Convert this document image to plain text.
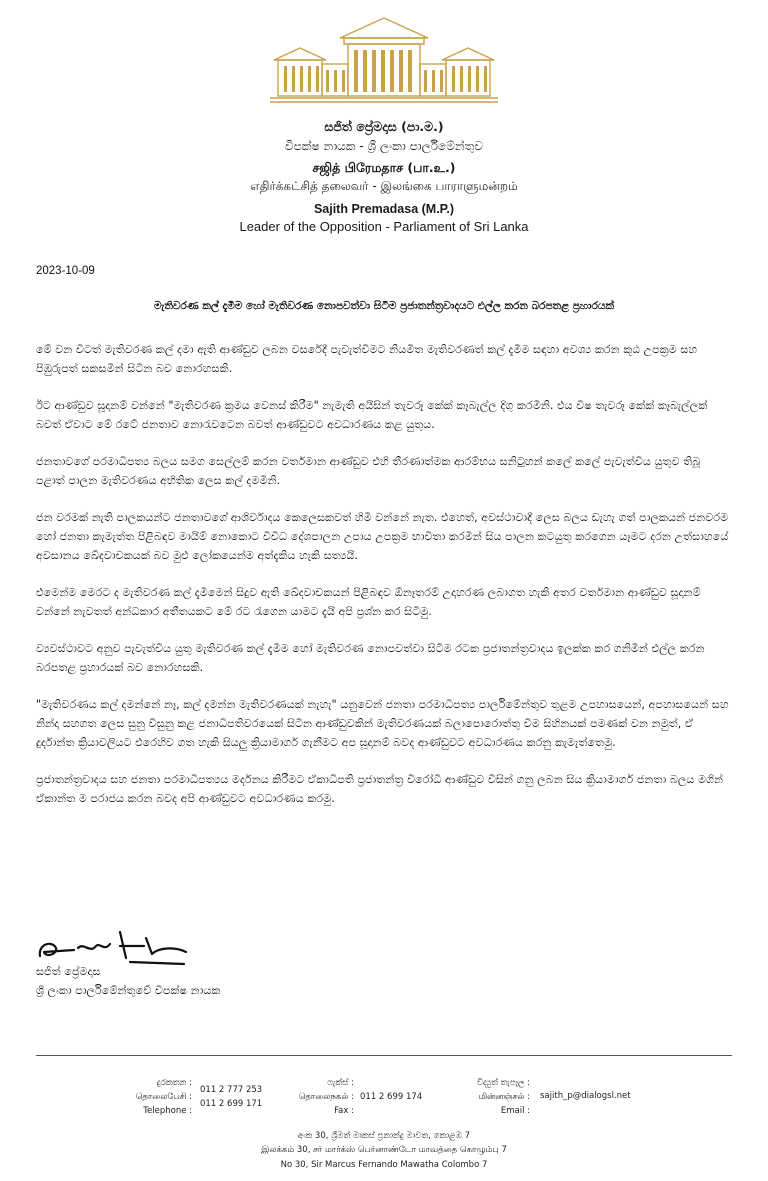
සජිත් ප්‍රේමදාස (පා.ම.)
විපක්ෂ නායක - ශ්‍රී ලංකා පාර්ලිමේන්තුව
சஜித் பிரேமதாச (பா.உ.)
எதிர்க்கட்சித் தலைவர் - இலங்கை பாராளுமன்றம்
Sajith Premadasa (M.P.)
Leader of the Opposition - Parliament of Sri Lanka
2023-10-09
මැතිවරණ කල් දැමීම හෝ මැතිවරණ නොපවත්වා සිටීම ප්‍රජාතන්ත්‍රවාදයට එල්ල කරන බරපතළ ප්‍රහාරයක්

මේ වන විටත් මැතිවරණ කල් දමා ඇති ආණ්ඩුව ලබන වසරේදී පැවැත්වීමට නියමිත මැතිවරණත් කල් දැමීම සඳහා අවශ්‍ය කරන කූඨ උපක්‍රම සහ පිඹුරුපත් සකසමින් සිටින බව නොරහසකි.

ඊට ආණ්ඩුව සූදානම් වන්නේ "මැතිවරණ ක්‍රමය වෙනස් කිරීම" නැමැති අයිසින් තැවරූ කේක් කෑබැල්ල දිගු කරමිනි. එය විෂ තැවරූ කේක් කෑබැල්ලක් බවත් ඒවාට මේ රටේ ජනතාව නොරැවටෙන බවත් ආණ්ඩුවට අවධාරණය කළ යුතුය.

ජනතාවගේ පරමාධිපත්‍ය බලය සමග සෙල්ලම් කරන වර්තමාන ආණ්ඩුව එහි තීරණාත්මක ආරම්භය සනිටුහන් කලේ කලේ පැවැත්විය යුතුව තිබූ පළාත් පාලන මැතිවරණය අභිතික ලෙස කල් දමමිනි.

ජන වරමක් නැති පාලකයන්ට ජනතාවගේ ආශිර්වාදය කෙලෙසකවත් හිමි වන්නේ නැත. එහෙත්, අවස්ථාවාදී ලෙස බලය ඩැහැ ගත් පාලකයන් ජනවරම හෝ ජනතා කැමැත්ත පිළිබඳව මායිම් නොකොට විවිධ දේශපාලන උපාය උපක්‍රම භාවිතා කරමින් සිය පාලන කටයුතු කරගෙන යෑමට දරන උත්සාහයේ අවසානය ඛේදවාචකයක් බව මුළු ලෝකයෙන්ම අත්දැකිය හැකි සත්‍යයි.

එමෙන්ම මෙරට ද මැතිවරණ කල් දැමීමෙන් සිදුව ඇති ඛේදවාචකයන් පිළිබඳව ඕනෑතරම් උදාහරණ ලබාගත හැකි අතර වර්තමාන ආණ්ඩුව සූදානම් වන්නේ නැවතත් අන්ධකාර අතීතයකට මේ රට රැගෙන යාමට දැයි අපි ප්‍රශ්න කර සිටිමු.

ව්‍යවස්ථාවට අනුව පැවැත්විය යුතු මැතිවරණ කල් දැමීම හෝ මැතිවරණ නොපවත්වා සිටීම රටක ප්‍රජාතන්ත්‍රවාදය ඉලක්ක කර ගනිමින් එල්ල කරන බරපතළ ප්‍රහාරයක් බව නොරහසකි.

"මැතිවරණය කල් දමන්නේ නෑ, කල් දමන්න මැතිවරණයක් නැහැ" යනුවෙන් ජනතා පරමාධිපත්‍ය පාර්ලිමේන්තුව තුළම උපහාසයෙන්, අපහාසයෙන් සහ නින්දා සහගත ලෙස සුනු විසුනු කළ ජනාධිපතිවරයෙක් සිටින ආණ්ඩුවකින් මැතිවරණයක් බලාපොරොත්තු වීම සිහිනයක් පමණක් වන නමුත්, ඒ දුර්දාන්ත ක්‍රියාවලියට එරෙහිව ගත හැකි සියලු ක්‍රියාමාර්ග ගැනීමට අප සූදානම් බවද ආණ්ඩුවට අවධාරණය කරනු කැමැත්තෙමු.

ප්‍රජාතන්ත්‍රවාදය සහ ජනතා පරමාධිපත්‍යය මර්දනය කිරීමට ඒකාධිපති ප්‍රජාතන්ත්‍ර විරෝධී ආණ්ඩුව විසින් ගනු ලබන සිය ක්‍රියාමාර්ග ජනතා බලය මගින් ඒකාන්ත ම පරාජය කරන බවද අපි ආණ්ඩුවට අවධාරණය කරමු.

සජිත් ප්‍රේමදාස
ශ්‍රී ලංකා පාර්ලිමේන්තුවේ විපක්ෂ නායක
දුරකතන :
தொலைபேசி :
Telephone :
011 2 777 253
011 2 699 171
ෆැක්ස් :
தொலைநகல் :
Fax :
011 2 699 174
විද්‍යුත් තැපෑල :
மின்னஞ்சல் :
Email :
sajith_p@dialogsl.net
අංක 30, ශ්‍රීමත් මාකස් ප්‍රනාන්දු මාවත, කොළඹ 7
இலக்கம் 30, சர் மார்க்ஸ் பெர்னாண்டோ மாவத்தை கொழும்பு 7
No 30, Sir Marcus Fernando Mawatha Colombo 7
